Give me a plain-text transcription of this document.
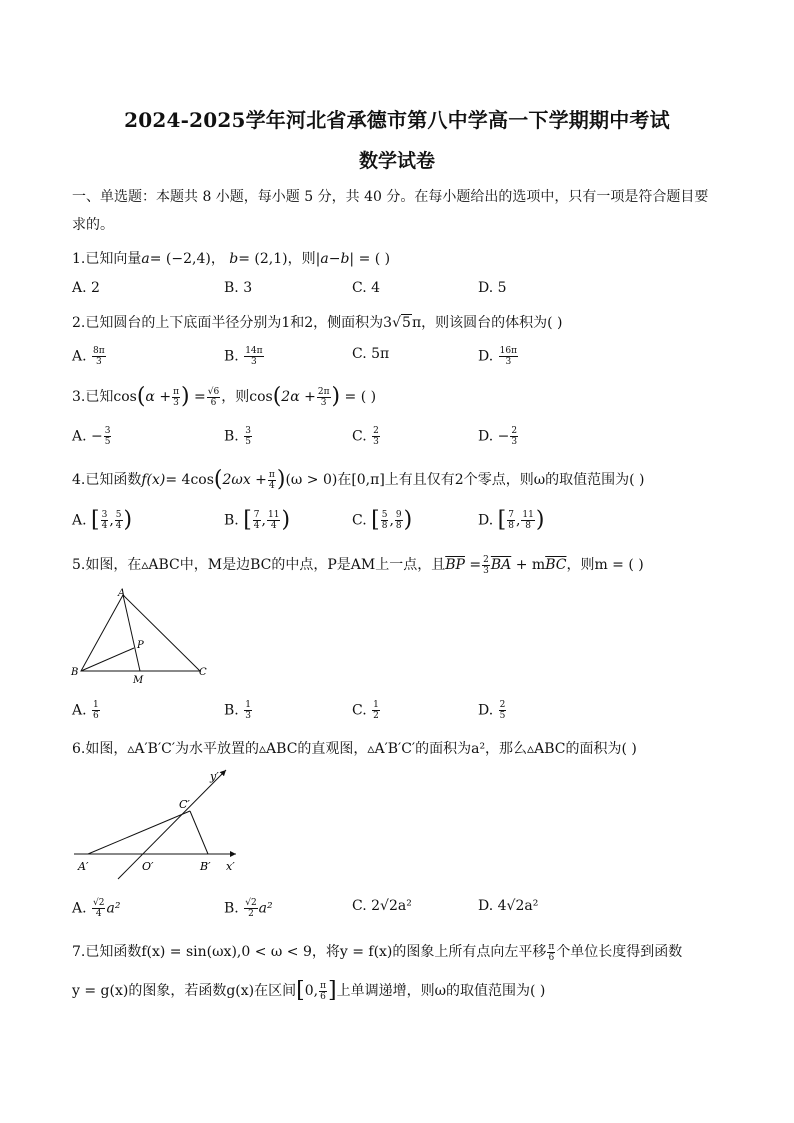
2024-2025学年河北省承德市第八中学高一下学期期中考试
数学试卷
一、单选题：本题共 8 小题，每小题 5 分，共 40 分。在每小题给出的选项中，只有一项是符合题目要求的。
1.已知向量a= (−2,4)， b= (2,1)，则|a−b| = ( )
A. 2	B. 3	C. 4	D. 5
2.已知圆台的上下底面半径分别为1和2，侧面积为3√5π，则该圆台的体积为( )
A. $\frac{8\pi}{3}$	B. $\frac{14\pi}{3}$	C. 5π	D. $\frac{16\pi}{3}$
3.已知$\cos(\alpha + \frac{\pi}{3}$ ) = $\frac{√6}{6}$ ，则$\cos(2\alpha + \frac{2\pi}{3}$ ) = ( )
A. − $\frac{3}{5}$	B. $\frac{3}{5}$	C. $\frac{2}{3}$	D. − $\frac{2}{3}$
4.已知函数$f(x)= 4\cos(2\omega x + \frac{\pi}{4} )(\omega > 0)$在[0,π]上有且仅有2个零点，则ω的取值范围为( )
A. [ $\frac{3}{4}$ , $\frac{5}{4}$ )	B. [ $\frac{7}{4}$ , $\frac{11}{4}$ )	C. [ $\frac{5}{8}$ , $\frac{9}{8}$ )	D. [ $\frac{7}{8}$ , $\frac{11}{8}$ )
5.如图，在▵ABC中，M是边BC的中点，P是AM上一点，且$\overline{BP} = \frac{2}{3} \overline{BA} + m\overline{BC}$，则m = ( )
A
B	C
M
P
A. $\frac{1}{6}$	B. $\frac{1}{3}$	C. $\frac{1}{2}$	D. $\frac{2}{5}$
6.如图，▵A′B′C′为水平放置的▵ABC的直观图，▵A′B′C′的面积为a²，那么▵ABC的面积为( )
y′
C′
A′	O′	B′ x′
A. $\frac{√2}{4} a^2$	B. $\frac{√2}{2} a^2$	C. 2√2a²	D. 4√2a²
7.已知函数f(x) = sin(ωx),0 < ω < 9，将y = f(x)的图象上所有点向左平移 $\frac{\pi}{6}$ 个单位长度得到函数
y = g(x)的图象，若函数g(x)在区间[0, $\frac{\pi}{6}$ ]上单调递增，则ω的取值范围为( )
